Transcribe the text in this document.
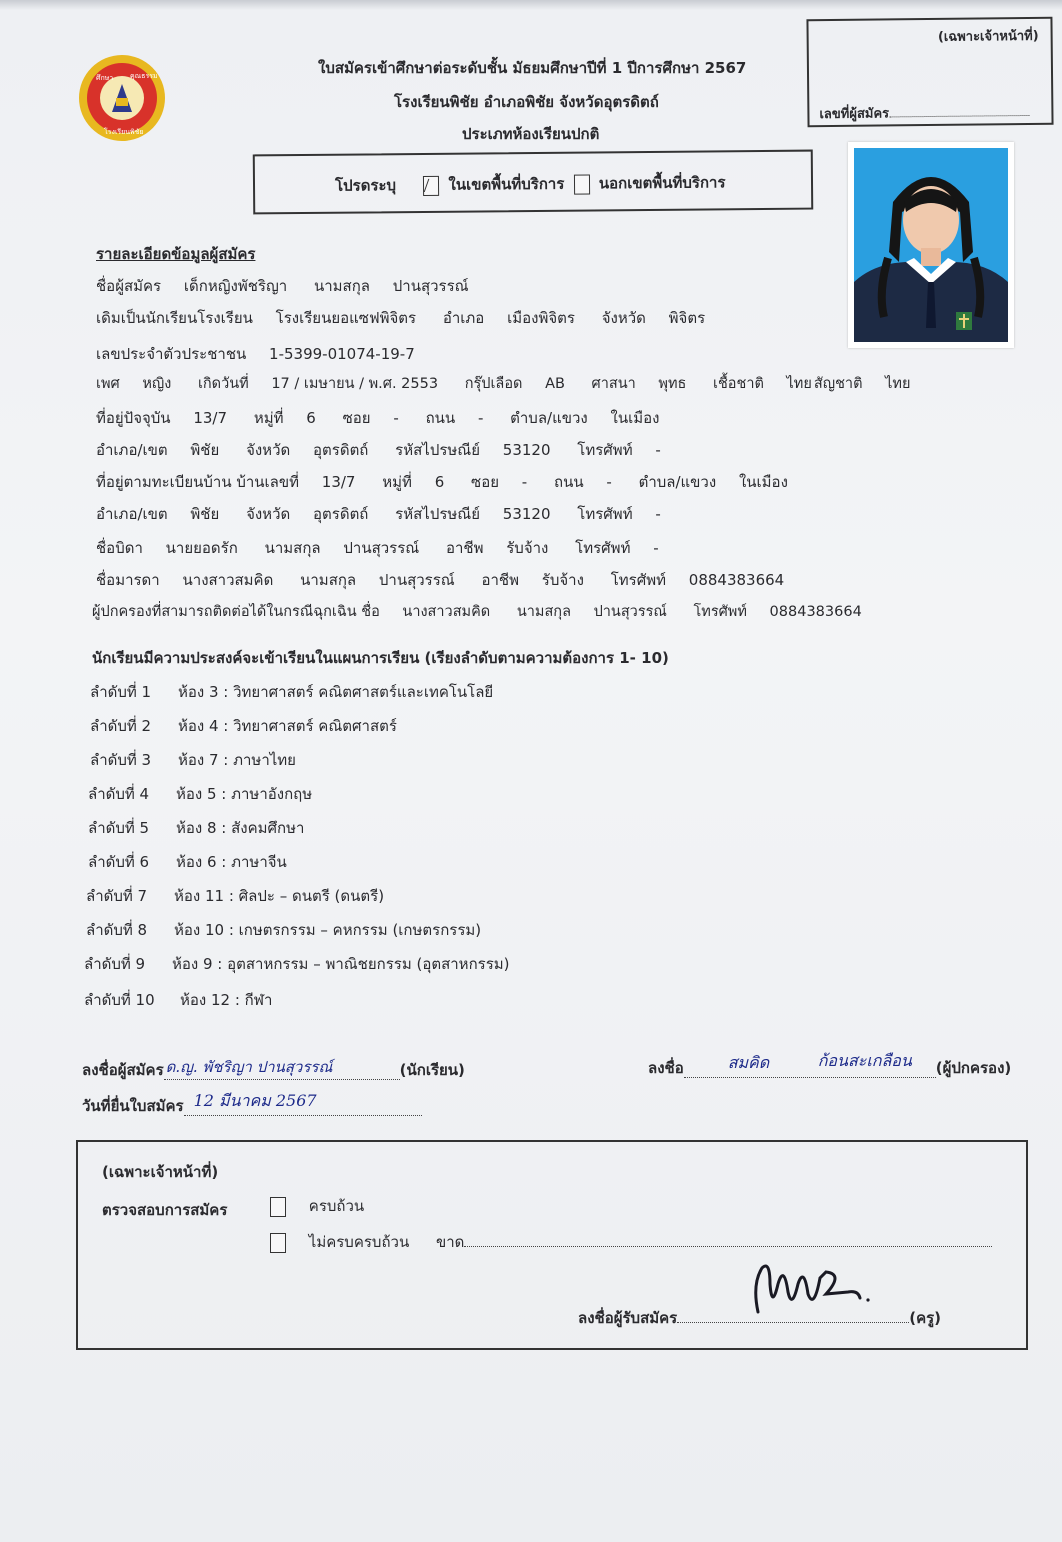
(เฉพาะเจ้าหน้าที่)
เลขที่ผู้สมัคร
ศึกษา คุณธรรม
โรงเรียนพิชัย
ใบสมัครเข้าศึกษาต่อระดับชั้น มัธยมศึกษาปีที่ 1 ปีการศึกษา 2567
โรงเรียนพิชัย อำเภอพิชัย จังหวัดอุตรดิตถ์
ประเภทห้องเรียนปกติ
โปรดระบุ	ในเขตพื้นที่บริการ นอกเขตพื้นที่บริการ
รายละเอียดข้อมูลผู้สมัคร
ชื่อผู้สมัคร เด็กหญิงพัชริญา นามสกุล ปานสุวรรณ์
เดิมเป็นนักเรียนโรงเรียน โรงเรียนยอแซฟพิจิตร อำเภอ เมืองพิจิตร จังหวัด พิจิตร
เลขประจำตัวประชาชน 1-5399-01074-19-7
เพศ หญิง เกิดวันที่ 17 / เมษายน / พ.ศ. 2553 กรุ๊ปเลือด AB ศาสนา พุทธ เชื้อชาติ ไทย สัญชาติ ไทย
ที่อยู่ปัจจุบัน 13/7 หมู่ที่ 6 ซอย - ถนน - ตำบล/แขวง ในเมือง
อำเภอ/เขต พิชัย จังหวัด อุตรดิตถ์ รหัสไปรษณีย์ 53120 โทรศัพท์ -
ที่อยู่ตามทะเบียนบ้าน บ้านเลขที่ 13/7 หมู่ที่ 6 ซอย - ถนน - ตำบล/แขวง ในเมือง
อำเภอ/เขต พิชัย จังหวัด อุตรดิตถ์ รหัสไปรษณีย์ 53120 โทรศัพท์ -
ชื่อบิดา นายยอดรัก นามสกุล ปานสุวรรณ์ อาชีพ รับจ้าง โทรศัพท์ -
ชื่อมารดา นางสาวสมคิด นามสกุล ปานสุวรรณ์ อาชีพ รับจ้าง โทรศัพท์ 0884383664
ผู้ปกครองที่สามารถติดต่อได้ในกรณีฉุกเฉิน ชื่อ นางสาวสมคิด นามสกุล ปานสุวรรณ์ โทรศัพท์ 0884383664
นักเรียนมีความประสงค์จะเข้าเรียนในแผนการเรียน (เรียงลำดับตามความต้องการ 1- 10)
ลำดับที่ 1 ห้อง 3 : วิทยาศาสตร์ คณิตศาสตร์และเทคโนโลยี
ลำดับที่ 2 ห้อง 4 : วิทยาศาสตร์ คณิตศาสตร์
ลำดับที่ 3 ห้อง 7 : ภาษาไทย
ลำดับที่ 4 ห้อง 5 : ภาษาอังกฤษ
ลำดับที่ 5 ห้อง 8 : สังคมศึกษา
ลำดับที่ 6 ห้อง 6 : ภาษาจีน
ลำดับที่ 7 ห้อง 11 : ศิลปะ – ดนตรี (ดนตรี)
ลำดับที่ 8 ห้อง 10 : เกษตรกรรม – คหกรรม (เกษตรกรรม)
ลำดับที่ 9 ห้อง 9 : อุตสาหกรรม – พาณิชยกรรม (อุตสาหกรรม)
ลำดับที่ 10 ห้อง 12 : กีฬา
ลงชื่อผู้สมัคร ด.ญ. พัชริญา ปานสุวรรณ์	(นักเรียน)	ลงชื่อ	สมคิด	ก้อนสะเกลือน (ผู้ปกครอง)
วันที่ยื่นใบสมัคร 12 มีนาคม 2567

(เฉพาะเจ้าหน้าที่)
ตรวจสอบการสมัคร	ครบถ้วน
ไม่ครบครบถ้วน ขาด
ลงชื่อผู้รับสมัคร	(ครู)
